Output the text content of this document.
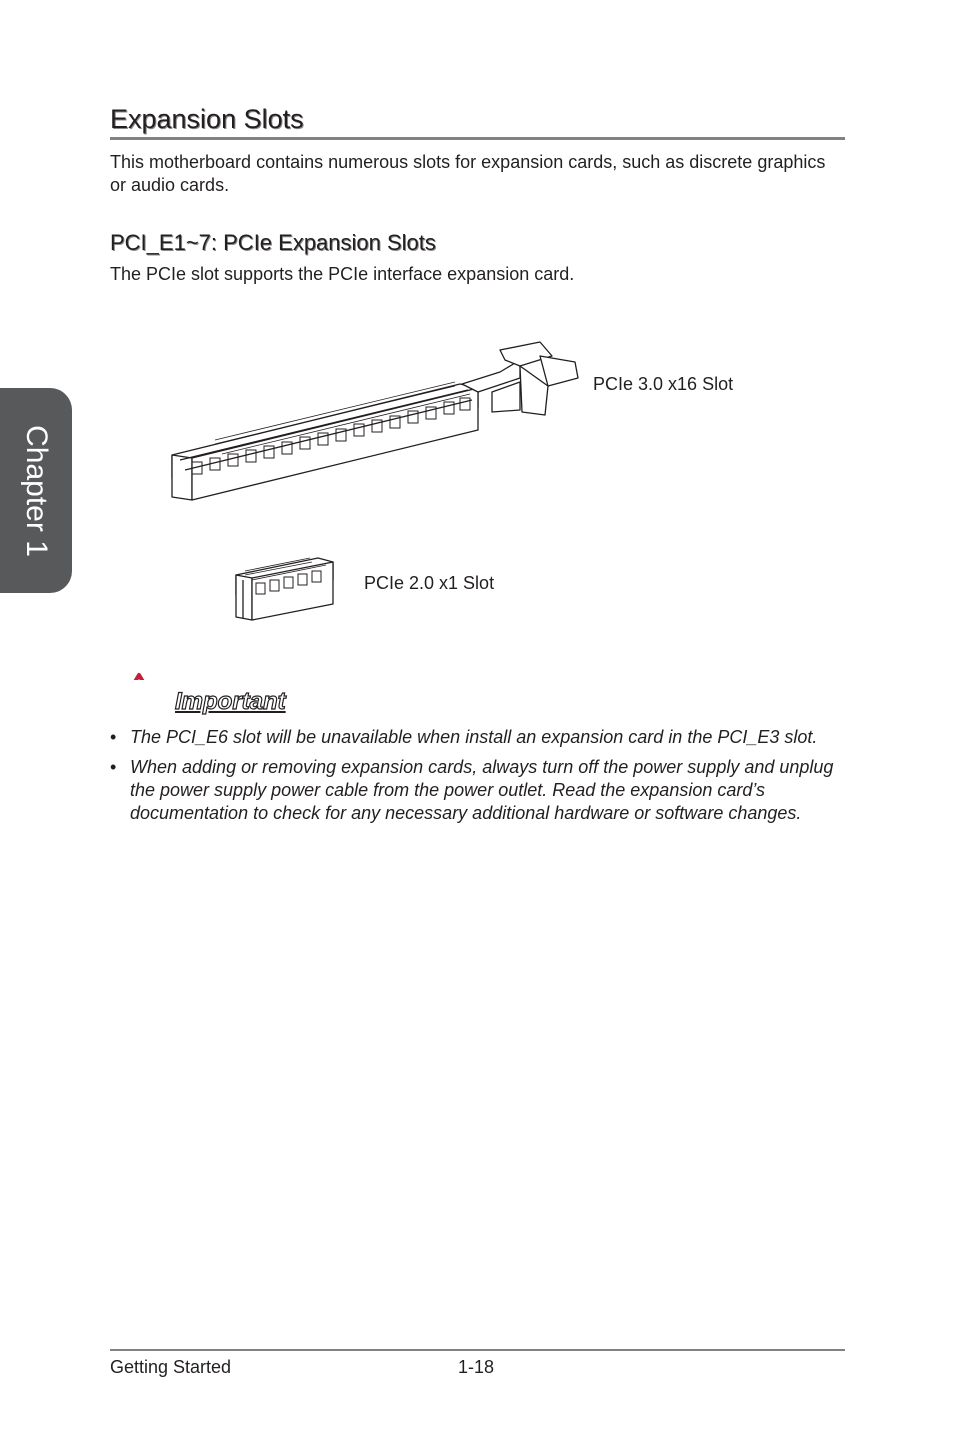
Chapter 1
Expansion Slots

This motherboard contains numerous slots for expansion cards, such as discrete graphics or audio cards.

PCI_E1~7: PCIe Expansion Slots

The PCIe slot supports the PCIe interface expansion card.

PCIe 3.0 x16 Slot

PCIe 2.0 x1 Slot

Important

• The PCI_E6 slot will be unavailable when install an expansion card in the PCI_E3 slot.
• When adding or removing expansion cards, always turn off the power supply and unplug the power supply power cable from the power outlet. Read the expansion card’s documentation to check for any necessary additional hardware or software changes.

Getting Started	1-18
